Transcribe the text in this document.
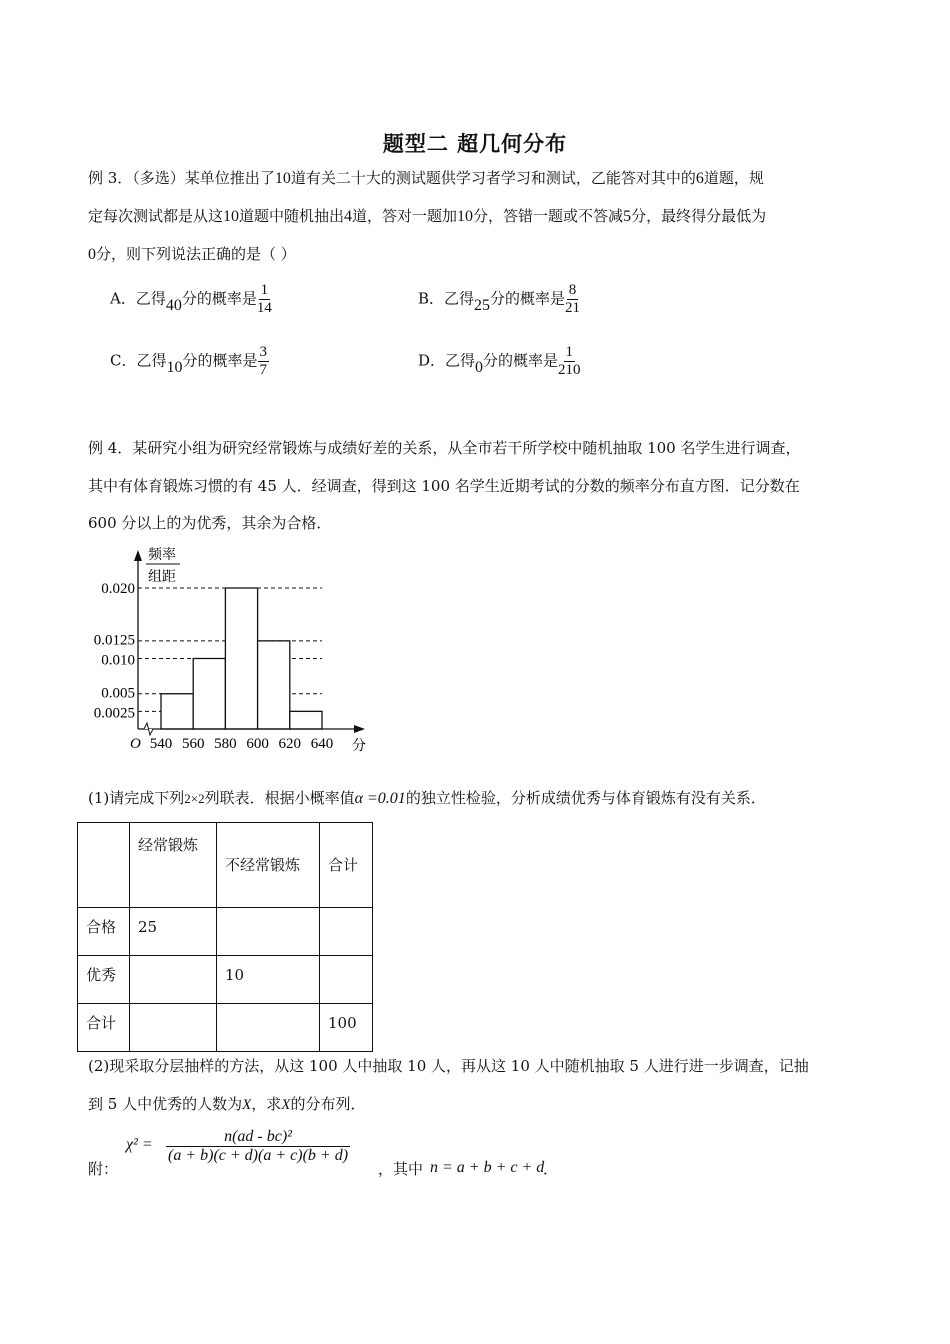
题型二 超几何分布
例 3．（多选）某单位推出了10道有关二十大的测试题供学习者学习和测试，乙能答对其中的6道题，规
定每次测试都是从这10道题中随机抽出4道，答对一题加10分，答错一题或不答减5分，最终得分最低为
0分，则下列说法正确的是（ ）
A．乙得40分的概率是 $\frac{1}{14}$	B．乙得25分的概率是 $\frac{8}{21}$
C．乙得10分的概率是 $\frac{3}{7}$	D．乙得0分的概率是 $\frac{1}{210}$
例 4．某研究小组为研究经常锻炼与成绩好差的关系，从全市若干所学校中随机抽取 100 名学生进行调查，
其中有体育锻炼习惯的有 45 人．经调查，得到这 100 名学生近期考试的分数的频率分布直方图．记分数在
600 分以上的为优秀，其余为合格．
频率
组距
0.020
0.0125
0.010
0.005
0.0025
540 560 580 600 620 640
O	分
(1)请完成下列2×2列联表．根据小概率值α =0.01的独立性检验，分析成绩优秀与体育锻炼有没有关系．
	经常锻炼	不经常锻炼	合计
合格	25		
优秀		10	
合计			100
(2)现采取分层抽样的方法，从这 100 人中抽取 10 人，再从这 10 人中随机抽取 5 人进行进一步调查，记抽
到 5 人中优秀的人数为X，求X的分布列．
附：
$\chi^2 = \frac{\text{n(ad - bc)²}}{(a + b)(c + d)(a + c)(b + d)}$
，其中 n = a + b + c + d
．
